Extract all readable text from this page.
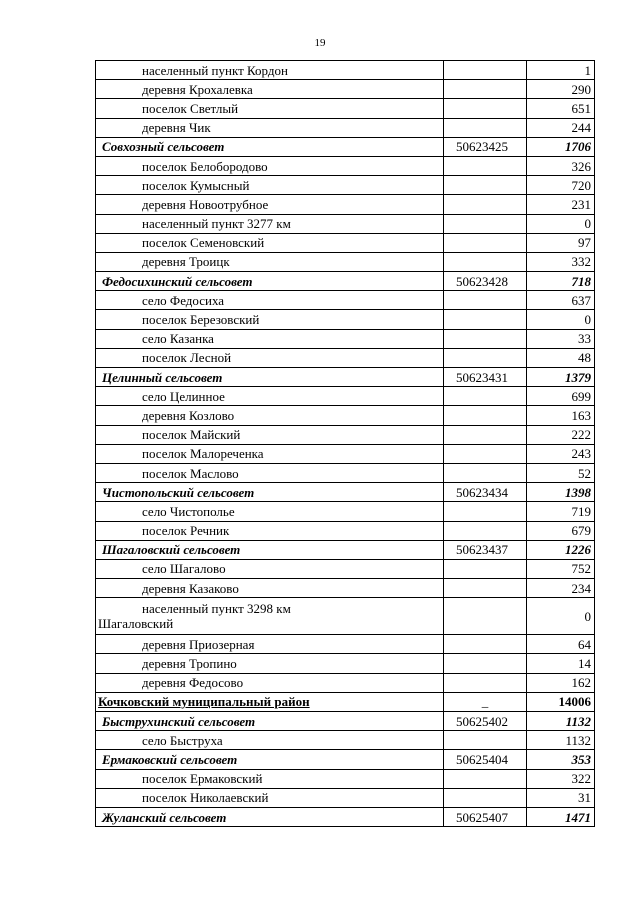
19
населенный пункт Кордон		1
деревня Крохалевка		290
поселок Светлый		651
деревня Чик		244
Совхозный сельсовет	50623425	1706
поселок Белобородово		326
поселок Кумысный		720
деревня Новоотрубное		231
населенный пункт 3277 км		0
поселок Семеновский		97
деревня Троицк		332
Федосихинский сельсовет	50623428	718
село Федосиха		637
поселок Березовский		0
село Казанка		33
поселок Лесной		48
Целинный сельсовет	50623431	1379
село Целинное		699
деревня Козлово		163
поселок Майский		222
поселок Малореченка		243
поселок Маслово		52
Чистопольский сельсовет	50623434	1398
село Чистополье		719
поселок Речник		679
Шагаловский сельсовет	50623437	1226
село Шагалово		752
деревня Казаково		234

населенный пункт 3298 км
Шагаловский		0
деревня Приозерная		64
деревня Тропино		14
деревня Федосово		162
Кочковский муниципальный район	_	14006
Быструхинский сельсовет	50625402	1132
село Быструха		1132
Ермаковский сельсовет	50625404	353
поселок Ермаковский		322
поселок Николаевский		31
Жуланский сельсовет	50625407	1471
